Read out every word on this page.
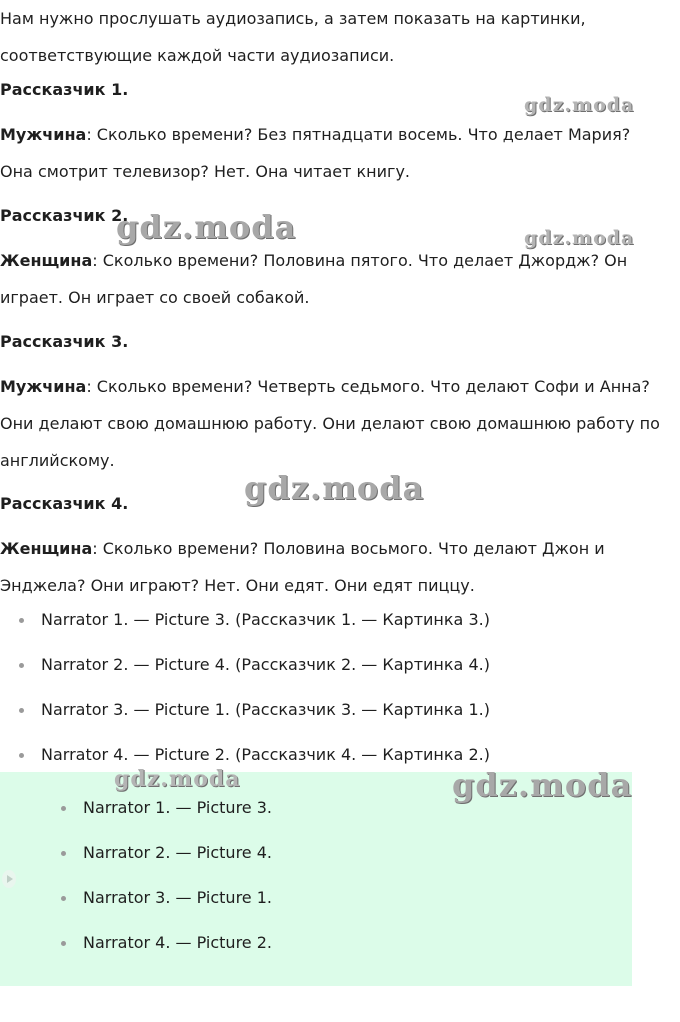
Нам нужно прослушать аудиозапись, а затем показать на картинки, соответствующие каждой части аудиозаписи.

Рассказчик 1.

Мужчина: Сколько времени? Без пятнадцати восемь. Что делает Мария? Она смотрит телевизор? Нет. Она читает книгу.

Рассказчик 2.

Женщина: Сколько времени? Половина пятого. Что делает Джордж? Он играет. Он играет со своей собакой.

Рассказчик 3.

Мужчина: Сколько времени? Четверть седьмого. Что делают Софи и Анна? Они делают свою домашнюю работу. Они делают свою домашнюю работу по английскому.

Рассказчик 4.

Женщина: Сколько времени? Половина восьмого. Что делают Джон и Энджела? Они играют? Нет. Они едят. Они едят пиццу.

Narrator 1. — Picture 3. (Рассказчик 1. — Картинка 3.)
Narrator 2. — Picture 4. (Рассказчик 2. — Картинка 4.)
Narrator 3. — Picture 1. (Рассказчик 3. — Картинка 1.)
Narrator 4. — Picture 2. (Рассказчик 4. — Картинка 2.)
Narrator 1. — Picture 3.
Narrator 2. — Picture 4.
Narrator 3. — Picture 1.
Narrator 4. — Picture 2.
gdz.moda
gdz.moda	gdz.moda
gdz.moda
gdz.moda	gdz.moda
